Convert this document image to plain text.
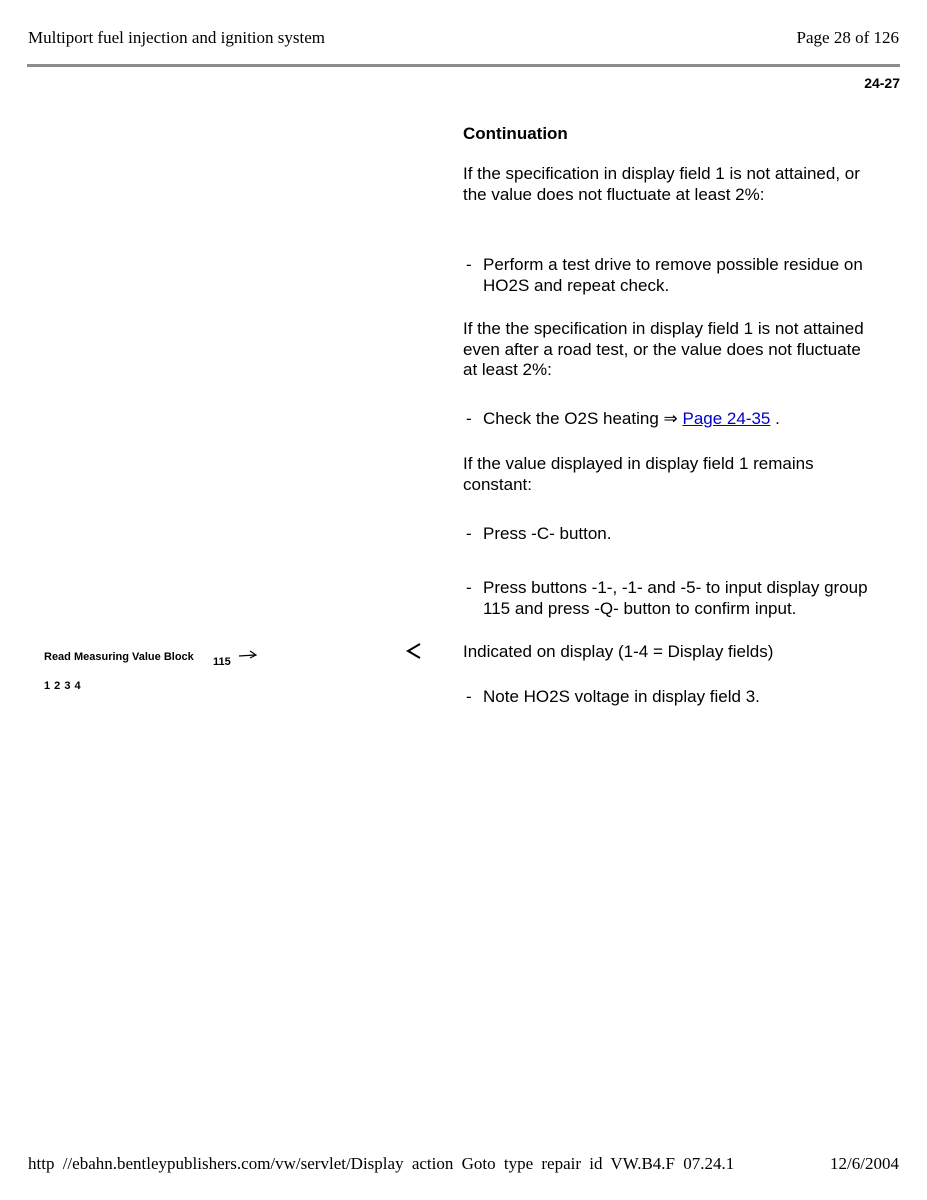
Multiport fuel injection and ignition system	Page 28 of 126
24-27
Continuation
If the specification in display field 1 is not attained, or the value does not fluctuate at least 2%:
- Perform a test drive to remove possible residue on HO2S and repeat check.
If the the specification in display field 1 is not attained even after a road test, or the value does not fluctuate at least 2%:
- Check the O2S heating ⇒ Page 24-35 .
If the value displayed in display field 1 remains constant:
- Press -C- button.
- Press buttons -1-, -1- and -5- to input display group 115 and press -Q- button to confirm input.
Indicated on display (1-4 = Display fields)
- Note HO2S voltage in display field 3.
Read Measuring Value Block 115
1 2 3 4
http //ebahn.bentleypublishers.com/vw/servlet/Display action Goto type repair id VW.B4.F 07.24.1	12/6/2004
